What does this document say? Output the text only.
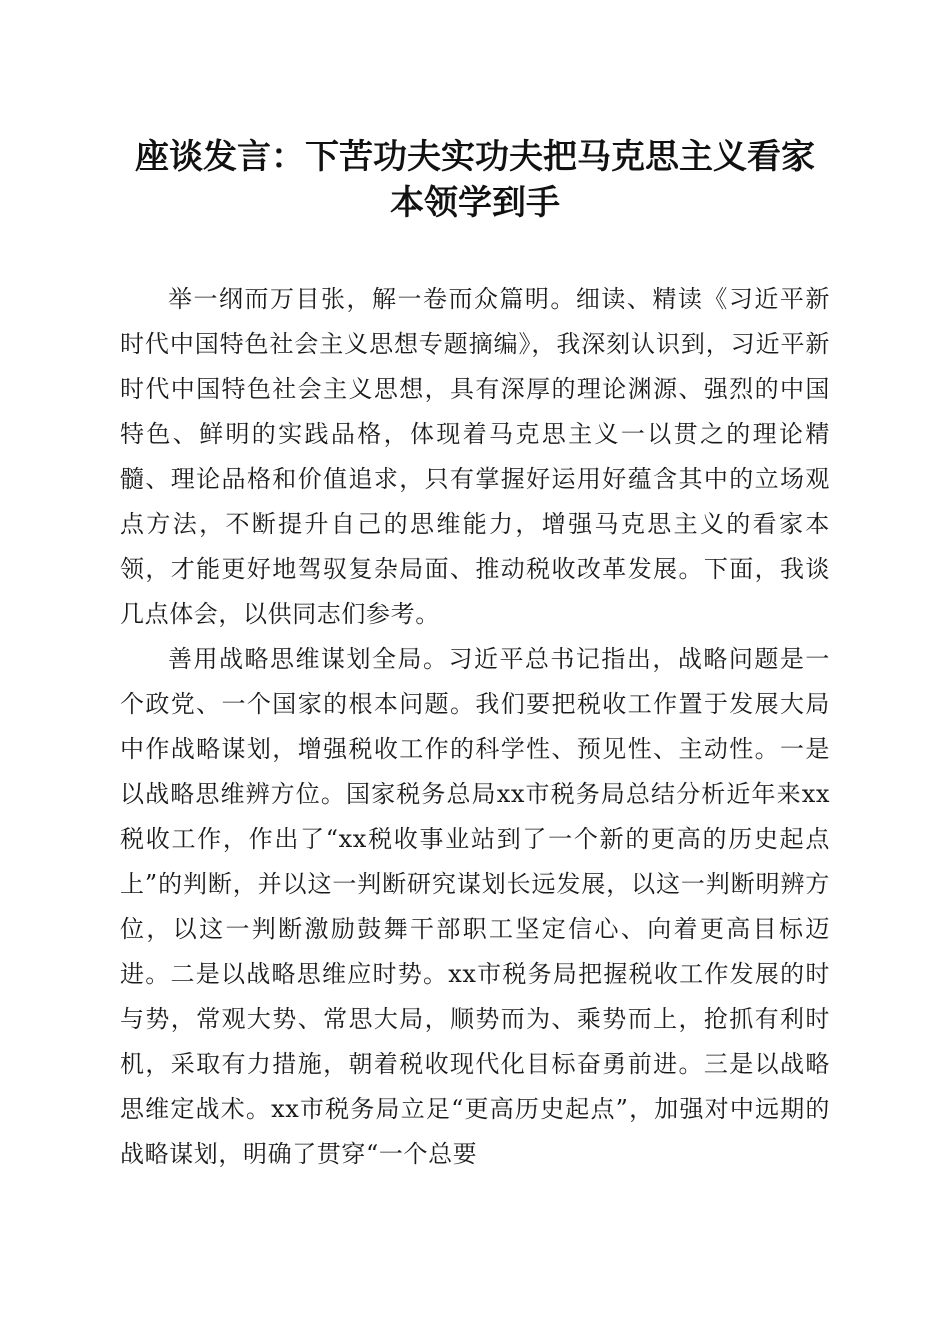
座谈发言：下苦功夫实功夫把马克思主义看家
本领学到手

举一纲而万目张，解一卷而众篇明。细读、精读《习近平新时代中国特色社会主义思想专题摘编》，我深刻认识到，习近平新时代中国特色社会主义思想，具有深厚的理论渊源、强烈的中国特色、鲜明的实践品格，体现着马克思主义一以贯之的理论精髓、理论品格和价值追求，只有掌握好运用好蕴含其中的立场观点方法，不断提升自己的思维能力，增强马克思主义的看家本领，才能更好地驾驭复杂局面、推动税收改革发展。下面，我谈几点体会，以供同志们参考。

善用战略思维谋划全局。习近平总书记指出，战略问题是一个政党、一个国家的根本问题。我们要把税收工作置于发展大局中作战略谋划，增强税收工作的科学性、预见性、主动性。一是以战略思维辨方位。国家税务总局xx市税务局总结分析近年来xx税收工作，作出了“xx税收事业站到了一个新的更高的历史起点上”的判断，并以这一判断研究谋划长远发展，以这一判断明辨方位，以这一判断激励鼓舞干部职工坚定信心、向着更高目标迈进。二是以战略思维应时势。xx市税务局把握税收工作发展的时与势，常观大势、常思大局，顺势而为、乘势而上，抢抓有利时机，采取有力措施，朝着税收现代化目标奋勇前进。三是以战略思维定战术。xx市税务局立足“更高历史起点”，加强对中远期的战略谋划，明确了贯穿“一个总要
